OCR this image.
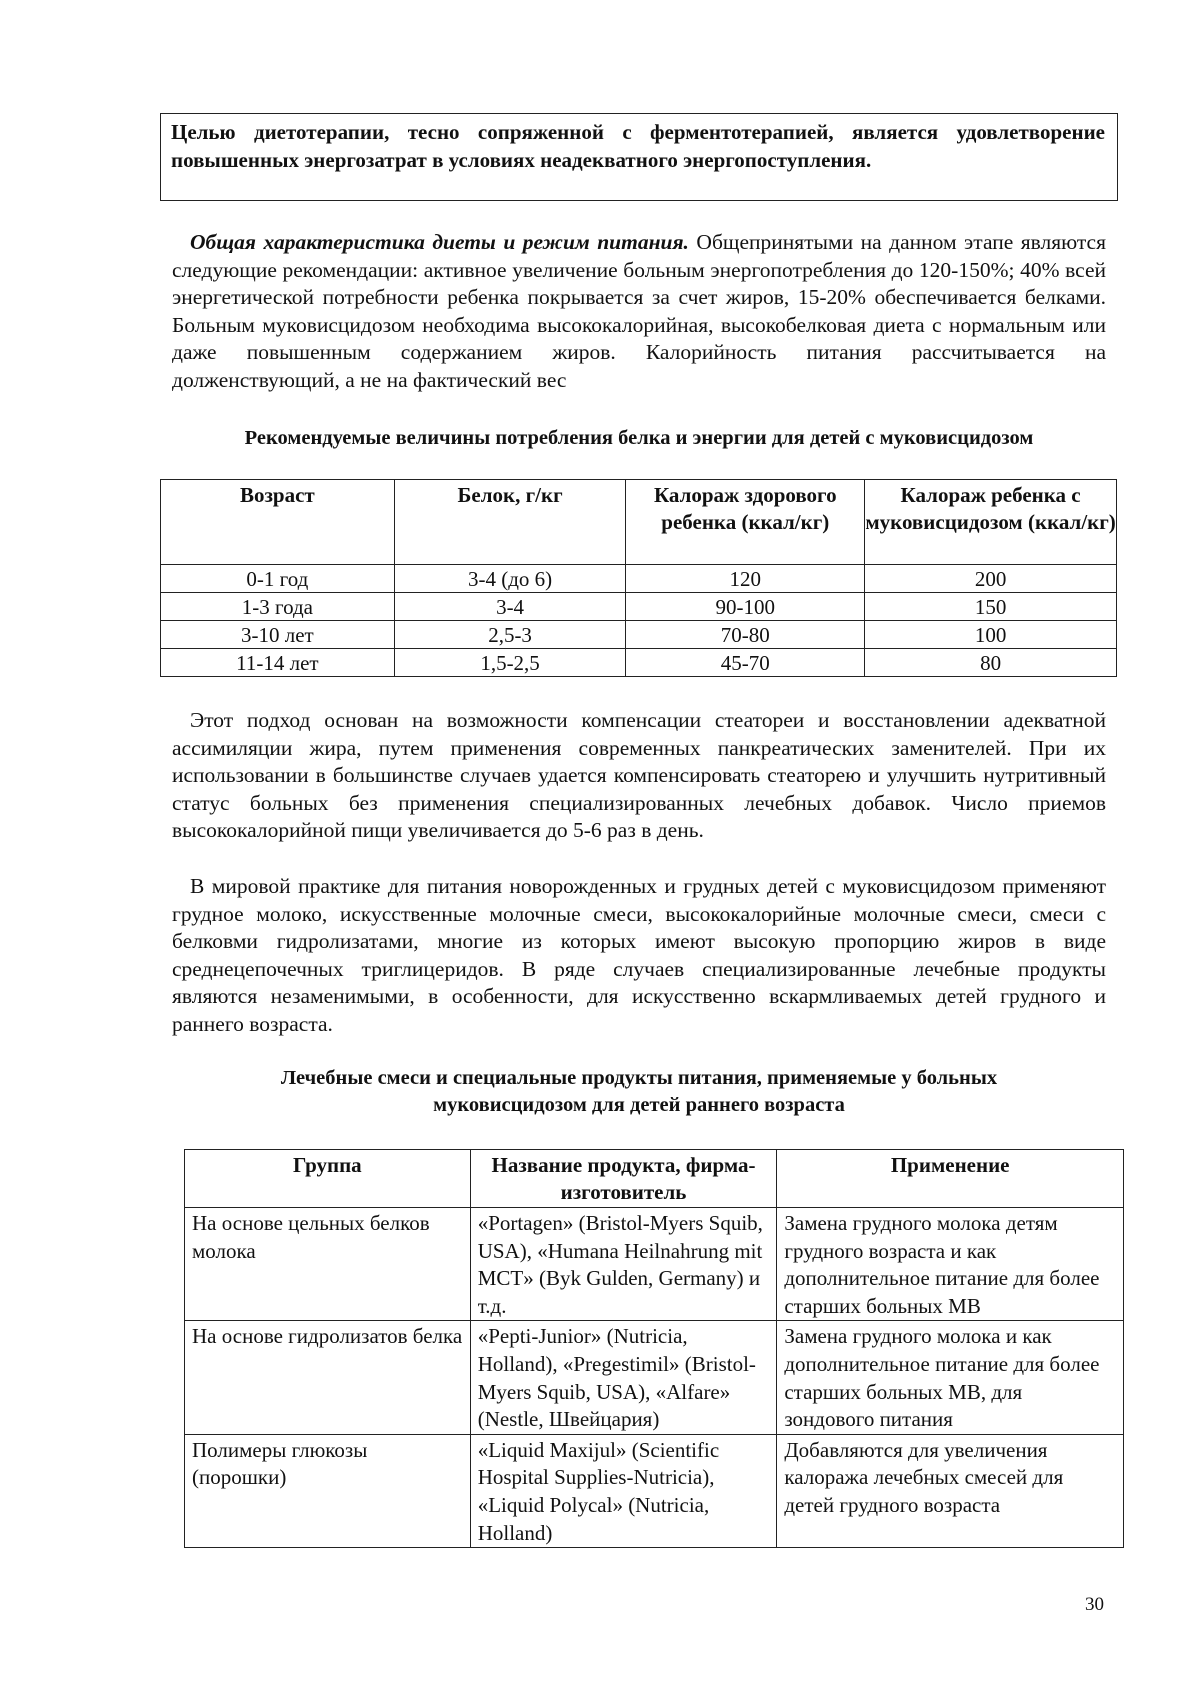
Целью диетотерапии, тесно сопряженной с ферментотерапией, является удовлетворение повышенных энергозатрат в условиях неадекватного энергопоступления.

Общая характеристика диеты и режим питания. Общепринятыми на данном этапе являются следующие рекомендации: активное увеличение больным энергопотребления до 120-150%; 40% всей энергетической потребности ребенка покрывается за счет жиров, 15-20% обеспечивается белками. Больным муковисцидозом необходима высококалорийная, высокобелковая диета с нормальным или даже повышенным содержанием жиров. Калорийность питания рассчитывается на долженствующий, а не на фактический вес

Рекомендуемые величины потребления белка и энергии для детей с муковисцидозом

Возраст	Белок, г/кг	Калораж здорового ребенка (ккал/кг)	Калораж ребенка с муковисцидозом (ккал/кг)
0-1 год	3-4 (до 6)	120	200
1-3 года	3-4	90-100	150
3-10 лет	2,5-3	70-80	100
11-14 лет	1,5-2,5	45-70	80

Этот подход основан на возможности компенсации стеатореи и восстановлении адекватной ассимиляции жира, путем применения современных панкреатических заменителей. При их использовании в большинстве случаев удается компенсировать стеаторею и улучшить нутритивный статус больных без применения специализированных лечебных добавок. Число приемов высококалорийной пищи увеличивается до 5-6 раз в день.

В мировой практике для питания новорожденных и грудных детей с муковисцидозом применяют грудное молоко, искусственные молочные смеси, высококалорийные молочные смеси, смеси с белковми гидролизатами, многие из которых имеют высокую пропорцию жиров в виде среднецепочечных триглицеридов. В ряде случаев специализированные лечебные продукты являются незаменимыми, в особенности, для искусственно вскармливаемых детей грудного и раннего возраста.

Лечебные смеси и специальные продукты питания, применяемые у больных

муковисцидозом для детей раннего возраста

Группа	Название продукта, фирма-изготовитель	Применение
На основе цельных белков молока	«Portagen» (Bristol-Myers Squib, USA), «Humana Heilnahrung mit MCT» (Byk Gulden, Germany) и т.д.	Замена грудного молока детям грудного возраста и как дополнительное питание для более старших больных МВ
На основе гидролизатов белка	«Pepti-Junior» (Nutricia, Holland), «Pregestimil» (Bristol-Myers Squib, USA), «Alfare» (Nestle, Швейцария)	Замена грудного молока и как дополнительное питание для более старших больных МВ, для зондового питания
Полимеры глюкозы (порошки)	«Liquid Maxijul» (Scientific Hospital Supplies-Nutricia), «Liquid Polycal» (Nutricia, Holland)	Добавляются для увеличения калоража лечебных смесей для детей грудного возраста
30
